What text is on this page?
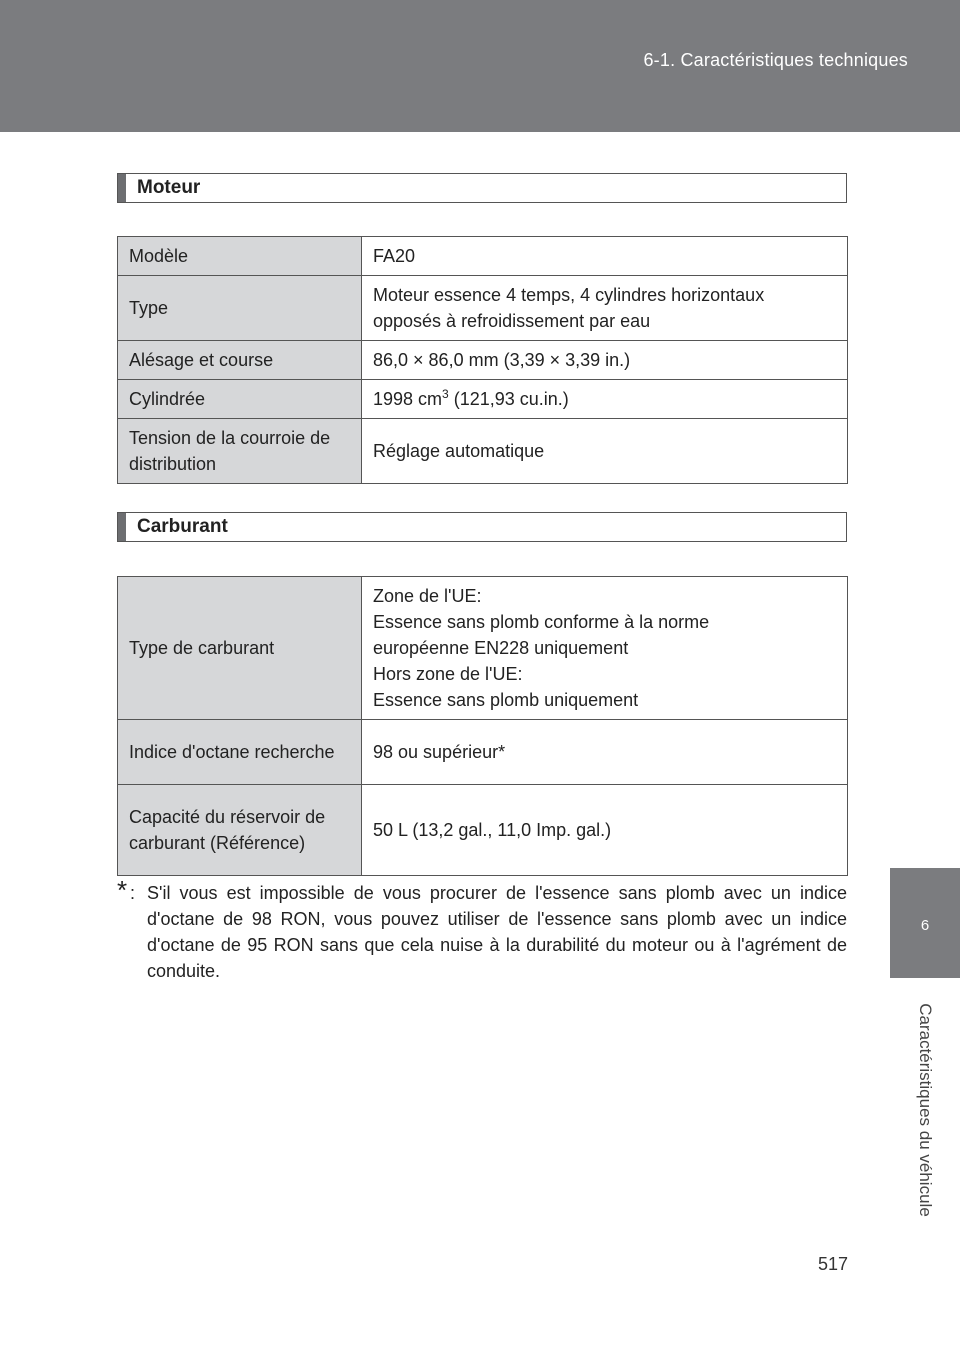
6-1. Caractéristiques techniques
6
Caractéristiques du véhicule
Moteur
Modèle	FA20

Type	Moteur essence 4 temps, 4 cylindres horizontaux
opposés à refroidissement par eau

Alésage et course	86,0 × 86,0 mm (3,39 × 3,39 in.)

Cylindrée	1998 $cm^3$ (121,93 cu.in.)
Tension de la courroie de distribution	Réglage automatique
Carburant
Type de carburant	Zone de l'UE:
Essence sans plomb conforme à la norme
européenne EN228 uniquement
Hors zone de l'UE:
Essence sans plomb uniquement

Indice d'octane recherche	98 ou supérieur*

Capacité du réservoir de carburant (Référence)	50 L (13,2 gal., 11,0 Imp. gal.)
* : S'il vous est impossible de vous procurer de l'essence sans plomb avec un indice d'octane de 98 RON, vous pouvez utiliser de l'essence sans plomb avec un indice d'octane de 95 RON sans que cela nuise à la durabilité du moteur ou à l'agrément de conduite.
517
